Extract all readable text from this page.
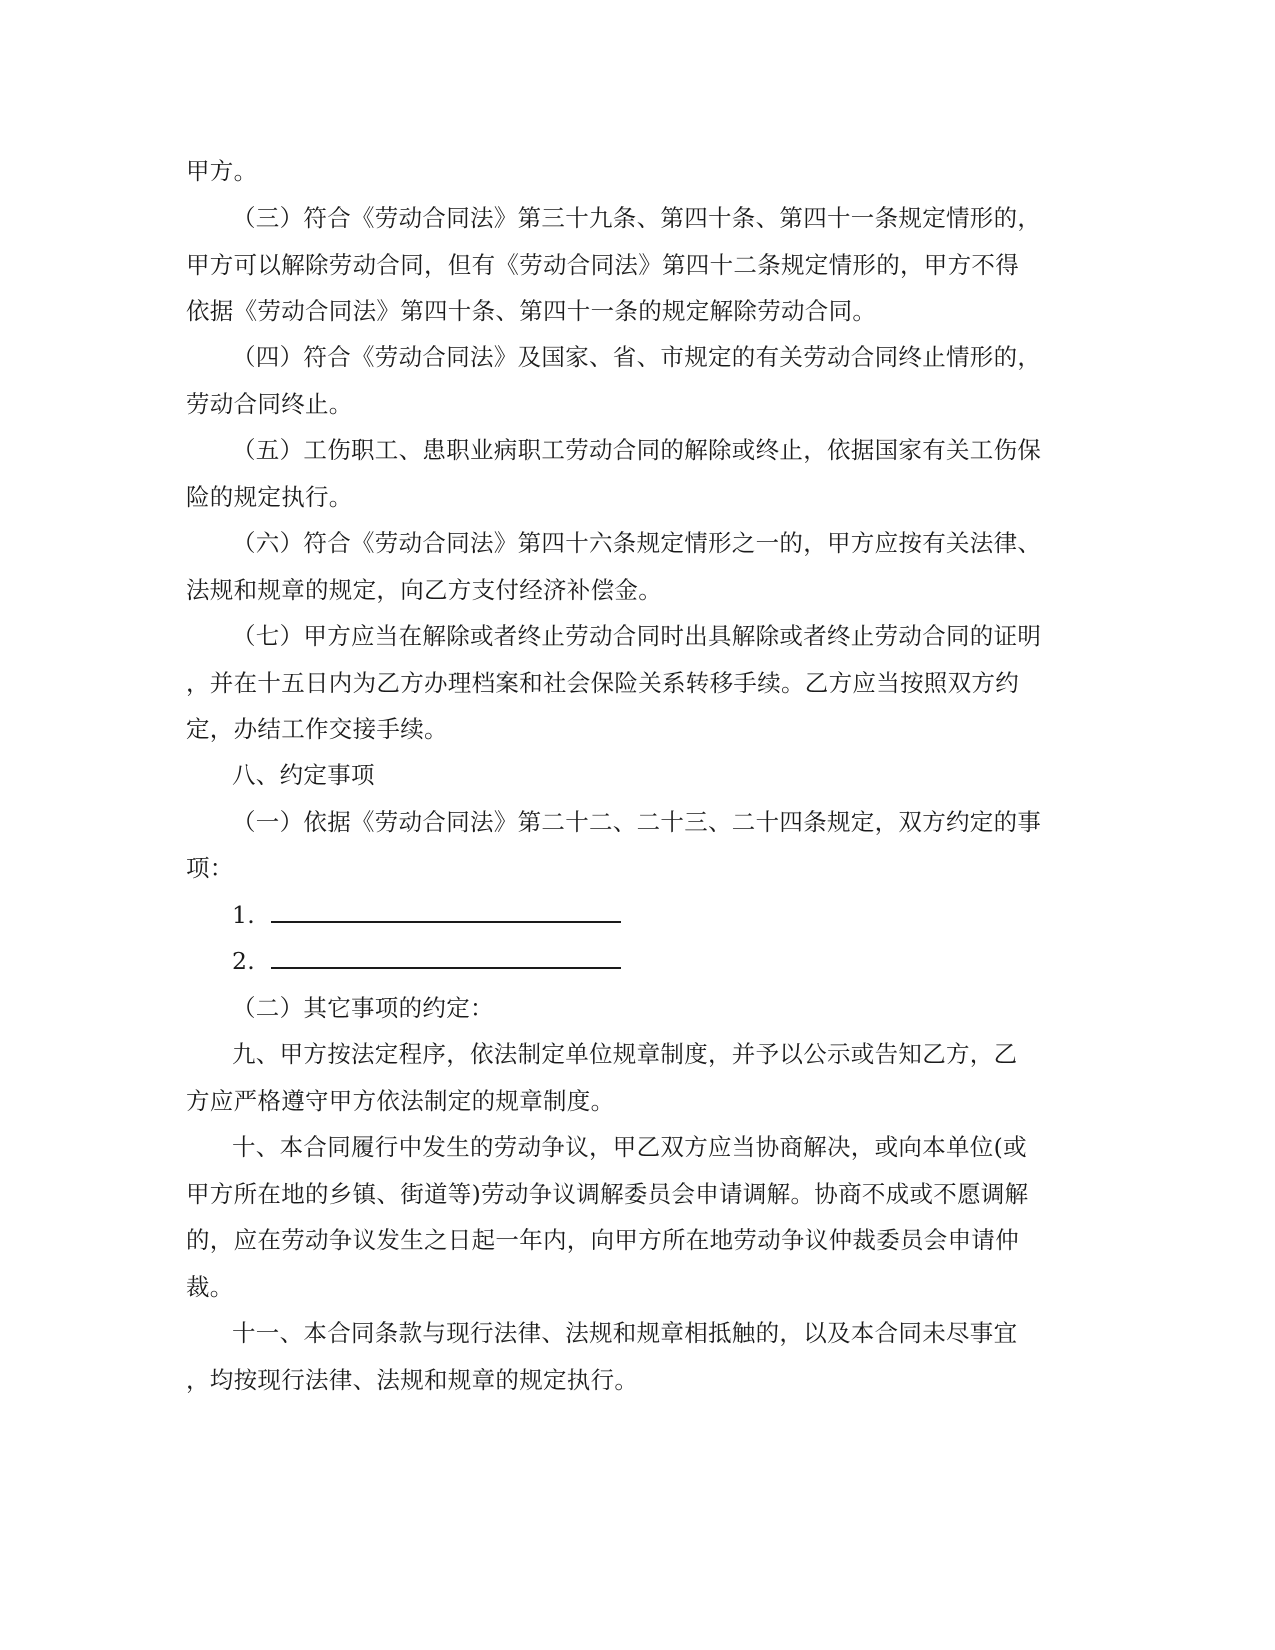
甲方。
（三）符合《劳动合同法》第三十九条、第四十条、第四十一条规定情形的，
甲方可以解除劳动合同，但有《劳动合同法》第四十二条规定情形的，甲方不得
依据《劳动合同法》第四十条、第四十一条的规定解除劳动合同。
（四）符合《劳动合同法》及国家、省、市规定的有关劳动合同终止情形的，
劳动合同终止。
（五）工伤职工、患职业病职工劳动合同的解除或终止，依据国家有关工伤保
险的规定执行。
（六）符合《劳动合同法》第四十六条规定情形之一的，甲方应按有关法律、
法规和规章的规定，向乙方支付经济补偿金。
（七）甲方应当在解除或者终止劳动合同时出具解除或者终止劳动合同的证明
，并在十五日内为乙方办理档案和社会保险关系转移手续。乙方应当按照双方约
定，办结工作交接手续。
八、约定事项
（一）依据《劳动合同法》第二十二、二十三、二十四条规定，双方约定的事
项：
1.
2.
（二）其它事项的约定：
九、甲方按法定程序，依法制定单位规章制度，并予以公示或告知乙方，乙
方应严格遵守甲方依法制定的规章制度。
十、本合同履行中发生的劳动争议，甲乙双方应当协商解决，或向本单位(或
甲方所在地的乡镇、街道等)劳动争议调解委员会申请调解。协商不成或不愿调解
的，应在劳动争议发生之日起一年内，向甲方所在地劳动争议仲裁委员会申请仲
裁。
十一、本合同条款与现行法律、法规和规章相抵触的，以及本合同未尽事宜
，均按现行法律、法规和规章的规定执行。
